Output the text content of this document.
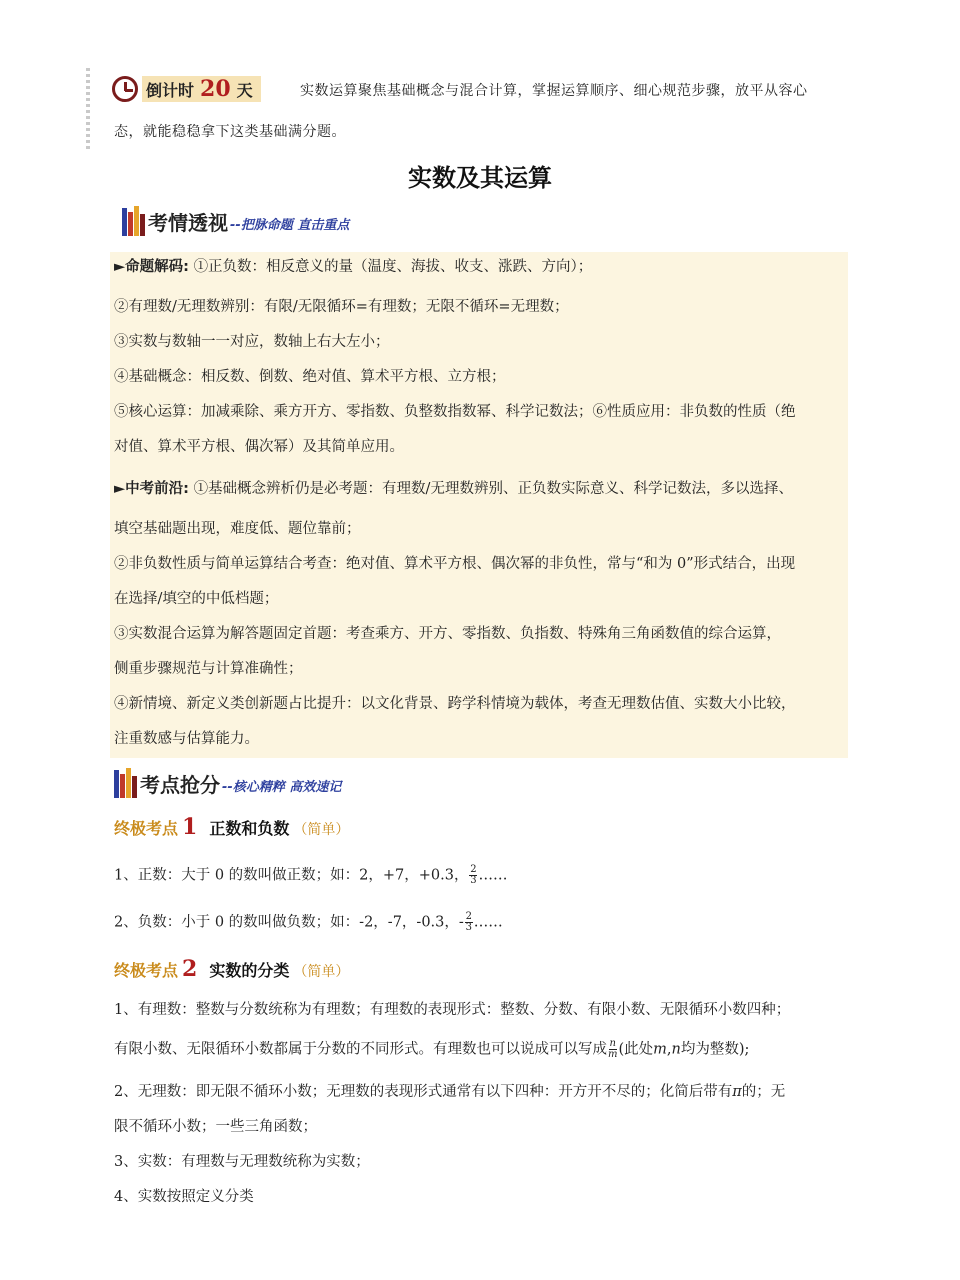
倒计时 20 天	实数运算聚焦基础概念与混合计算，掌握运算顺序、细心规范步骤，放平从容心
态，就能稳稳拿下这类基础满分题。
实数及其运算
考情透视 --把脉命题 直击重点
►命题解码: ①正负数：相反意义的量（温度、海拔、收支、涨跌、方向）；
②有理数/无理数辨别：有限/无限循环=有理数；无限不循环=无理数；
③实数与数轴一一对应，数轴上右大左小；
④基础概念：相反数、倒数、绝对值、算术平方根、立方根；
⑤核心运算：加减乘除、乘方开方、零指数、负整数指数幂、科学记数法；⑥性质应用：非负数的性质（绝
对值、算术平方根、偶次幂）及其简单应用。
►中考前沿: ①基础概念辨析仍是必考题：有理数/无理数辨别、正负数实际意义、科学记数法，多以选择、
填空基础题出现，难度低、题位靠前；
②非负数性质与简单运算结合考查：绝对值、算术平方根、偶次幂的非负性，常与“和为 0”形式结合，出现
在选择/填空的中低档题；
③实数混合运算为解答题固定首题：考查乘方、开方、零指数、负指数、特殊角三角函数值的综合运算，
侧重步骤规范与计算准确性；
④新情境、新定义类创新题占比提升：以文化背景、跨学科情境为载体，考查无理数估值、实数大小比较，
注重数感与估算能力。
考点抢分 --核心精粹 高效速记
终极考点 1 正数和负数 （简单）
1、正数：大于 0 的数叫做正数；如：2，+7，+0.3， $\frac{2}{3}$ ……
2、负数：小于 0 的数叫做负数；如：-2，-7，-0.3，- $\frac{2}{3}$ ……
终极考点 2 实数的分类 （简单）
1、有理数：整数与分数统称为有理数；有理数的表现形式：整数、分数、有限小数、无限循环小数四种；
有限小数、无限循环小数都属于分数的不同形式。有理数也可以说成可以写成 $\frac{n}{m}$ (此处m,n均为整数);
2、无理数：即无限不循环小数；无理数的表现形式通常有以下四种：开方开不尽的；化简后带有π的；无
限不循环小数；一些三角函数；
3、实数：有理数与无理数统称为实数；
4、实数按照定义分类
